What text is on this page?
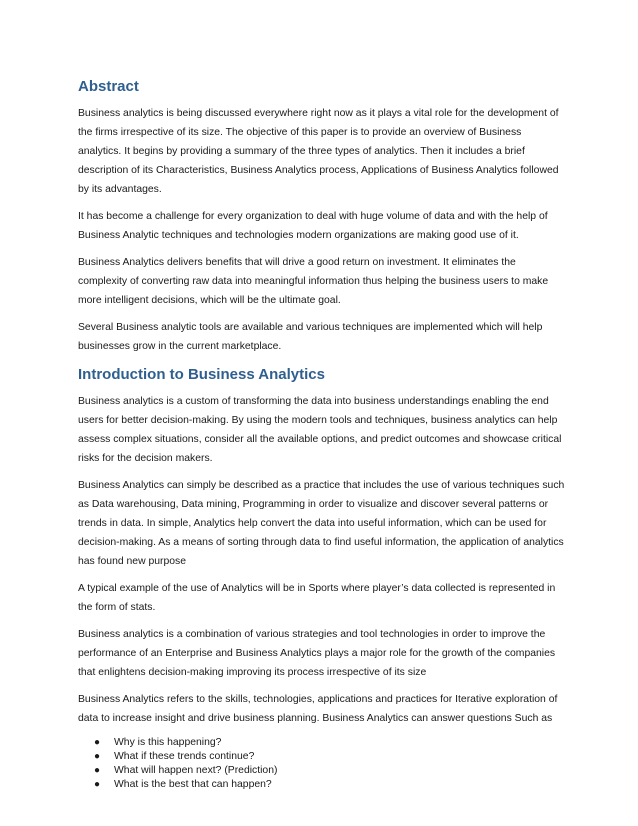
Abstract

Business analytics is being discussed everywhere right now as it plays a vital role for the development of the firms irrespective of its size. The objective of this paper is to provide an overview of Business analytics. It begins by providing a summary of the three types of analytics. Then it includes a brief description of its Characteristics, Business Analytics process, Applications of Business Analytics followed by its advantages.

It has become a challenge for every organization to deal with huge volume of data and with the help of Business Analytic techniques and technologies modern organizations are making good use of it.

Business Analytics delivers benefits that will drive a good return on investment. It eliminates the complexity of converting raw data into meaningful information thus helping the business users to make more intelligent decisions, which will be the ultimate goal.

Several Business analytic tools are available and various techniques are implemented which will help businesses grow in the current marketplace.

Introduction to Business Analytics

Business analytics is a custom of transforming the data into business understandings enabling the end users for better decision-making. By using the modern tools and techniques, business analytics can help assess complex situations, consider all the available options, and predict outcomes and showcase critical risks for the decision makers.

Business Analytics can simply be described as a practice that includes the use of various techniques such as Data warehousing, Data mining, Programming in order to visualize and discover several patterns or trends in data. In simple, Analytics help convert the data into useful information, which can be used for decision-making. As a means of sorting through data to find useful information, the application of analytics has found new purpose

A typical example of the use of Analytics will be in Sports where player’s data collected is represented in the form of stats.

Business analytics is a combination of various strategies and tool technologies in order to improve the performance of an Enterprise and Business Analytics plays a major role for the growth of the companies that enlightens decision-making improving its process irrespective of its size

Business Analytics refers to the skills, technologies, applications and practices for Iterative exploration of data to increase insight and drive business planning. Business Analytics can answer questions Such as

● Why is this happening?
● What if these trends continue?
● What will happen next? (Prediction)
● What is the best that can happen?
